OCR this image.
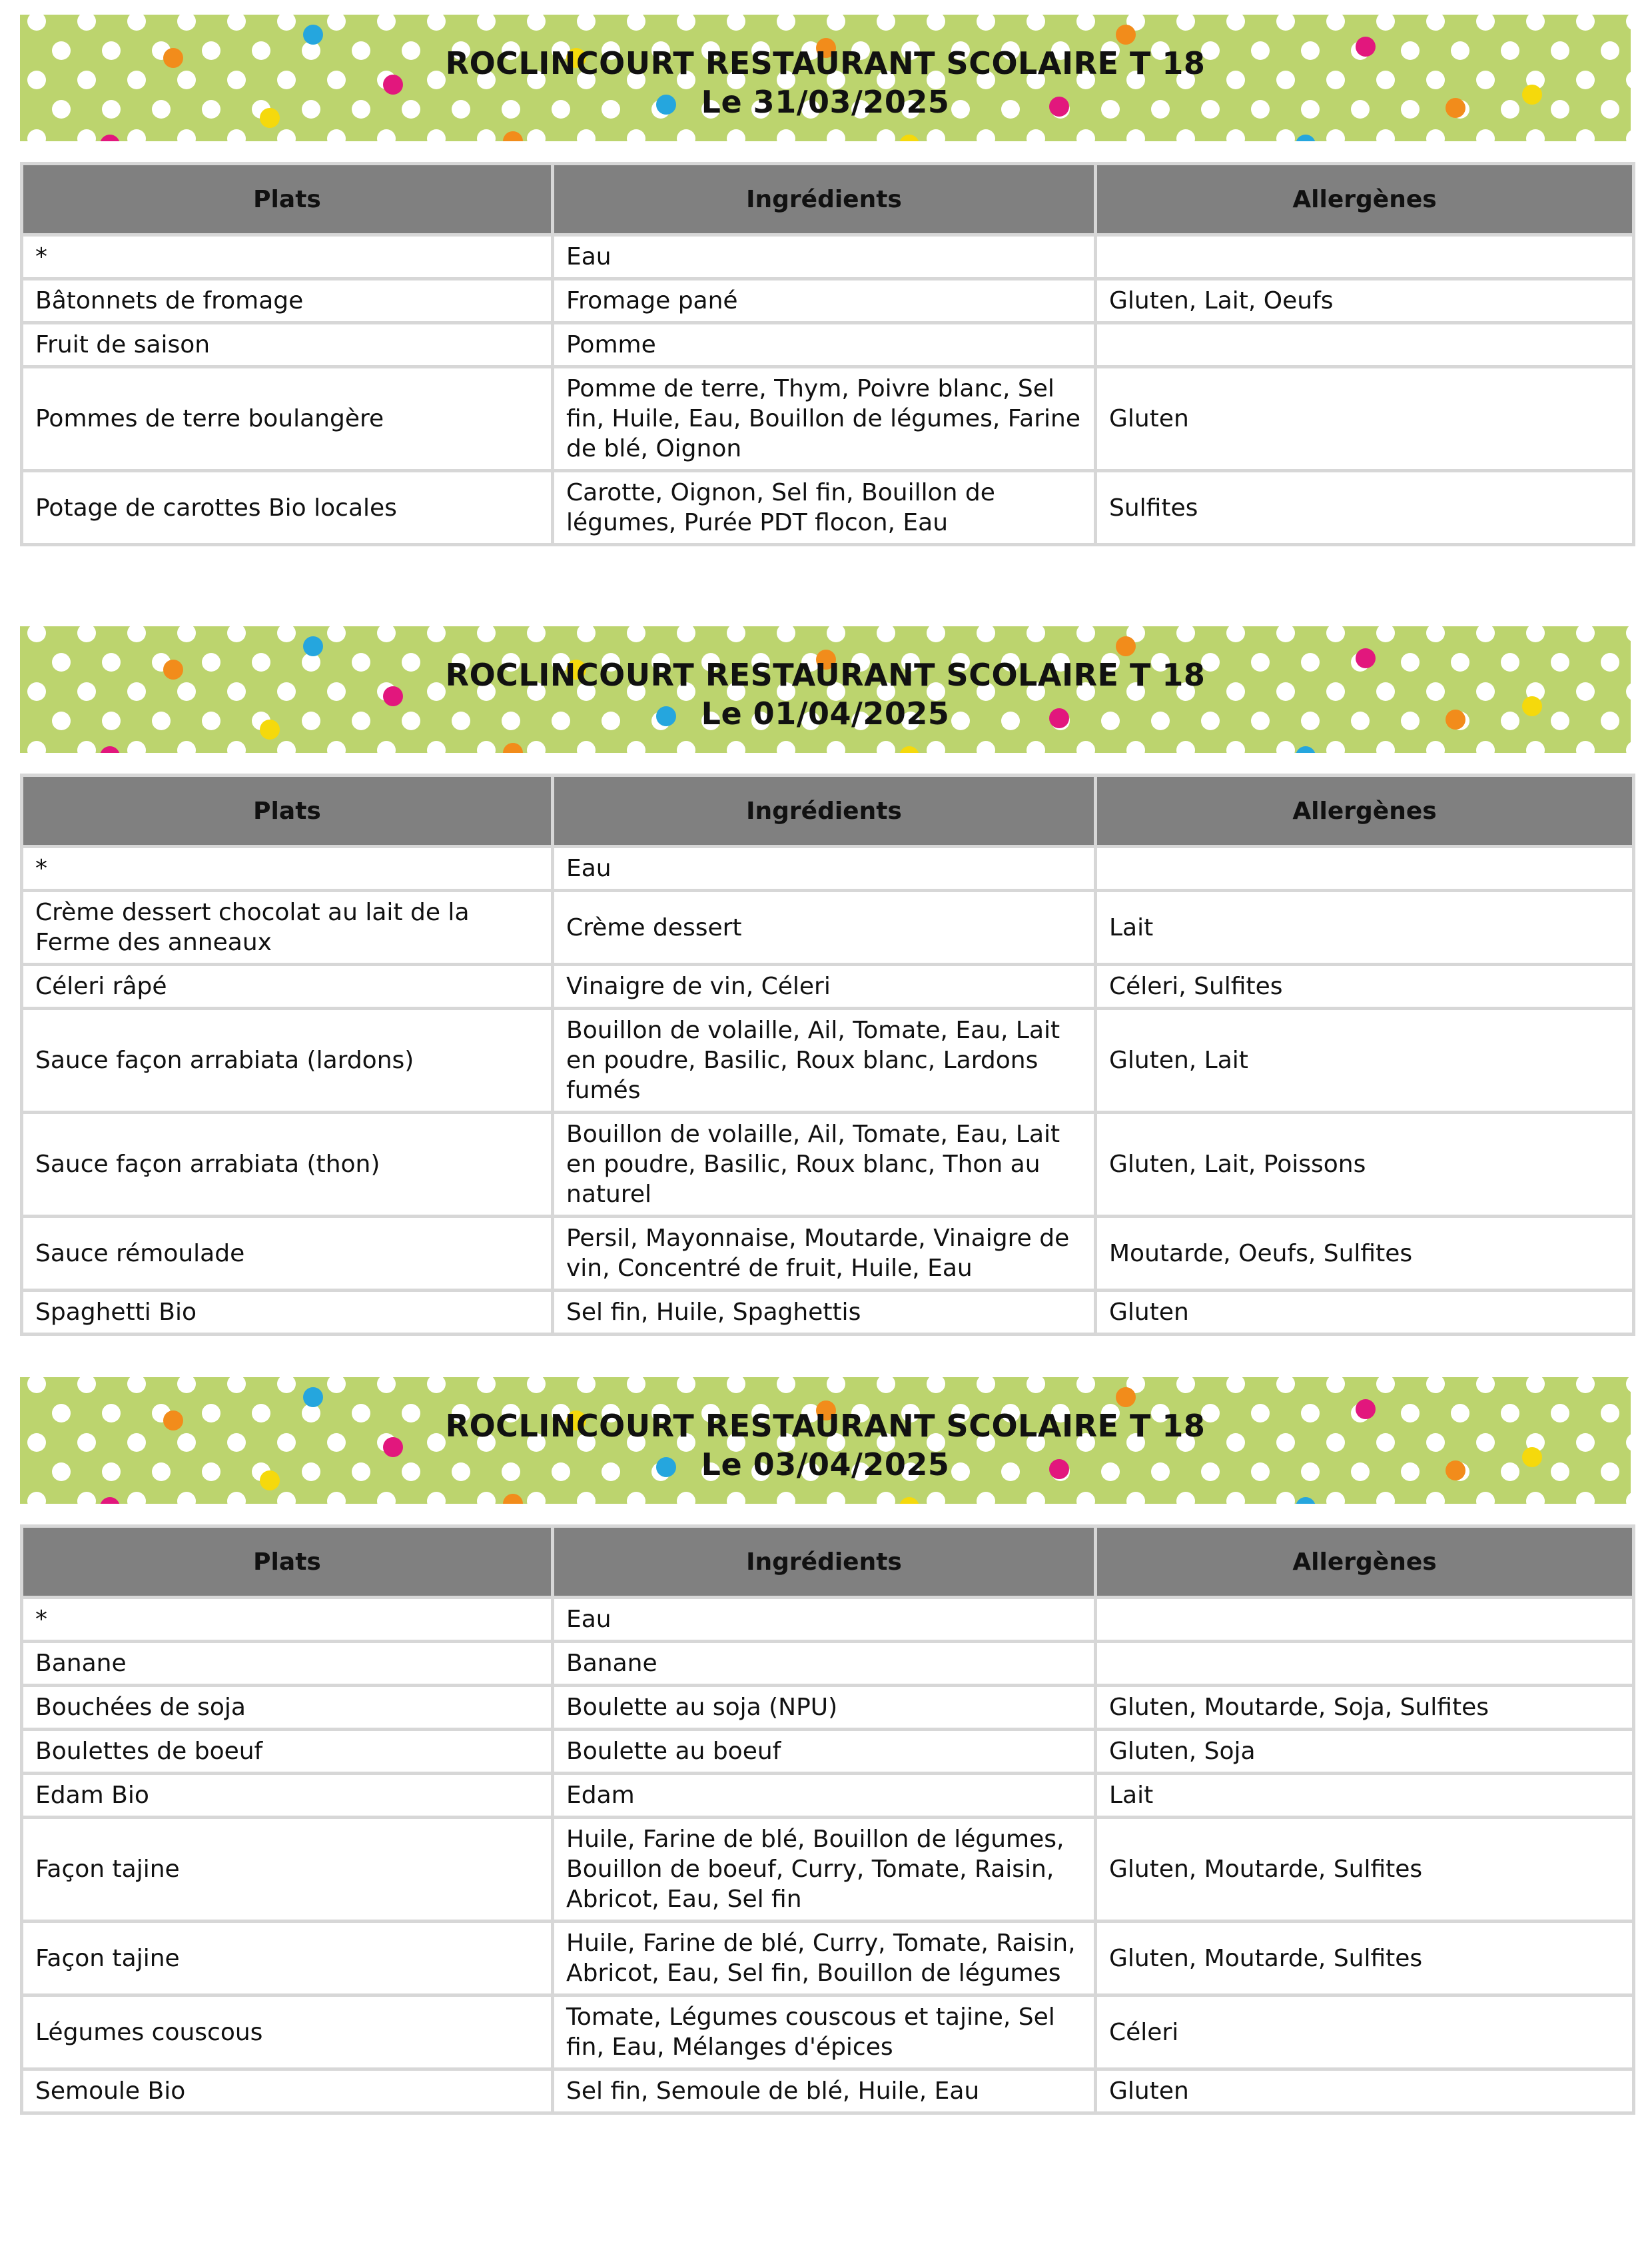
ROCLINCOURT RESTAURANT SCOLAIRE T 18
Le 31/03/2025
Plats	Ingrédients	Allergènes
*	Eau	
Bâtonnets de fromage	Fromage pané	Gluten, Lait, Oeufs
Fruit de saison	Pomme	
Pommes de terre boulangère	Pomme de terre, Thym, Poivre blanc, Sel fin, Huile, Eau, Bouillon de légumes, Farine de blé, Oignon	Gluten
Potage de carottes Bio locales	Carotte, Oignon, Sel fin, Bouillon de légumes, Purée PDT flocon, Eau	Sulfites
ROCLINCOURT RESTAURANT SCOLAIRE T 18
Le 01/04/2025
Plats	Ingrédients	Allergènes
*	Eau	
Crème dessert chocolat au lait de la Ferme des anneaux	Crème dessert	Lait
Céleri râpé	Vinaigre de vin, Céleri	Céleri, Sulfites
Sauce façon arrabiata (lardons)	Bouillon de volaille, Ail, Tomate, Eau, Lait en poudre, Basilic, Roux blanc, Lardons fumés	Gluten, Lait
Sauce façon arrabiata (thon)	Bouillon de volaille, Ail, Tomate, Eau, Lait en poudre, Basilic, Roux blanc, Thon au naturel	Gluten, Lait, Poissons
Sauce rémoulade	Persil, Mayonnaise, Moutarde, Vinaigre de vin, Concentré de fruit, Huile, Eau	Moutarde, Oeufs, Sulfites
Spaghetti Bio	Sel fin, Huile, Spaghettis	Gluten
ROCLINCOURT RESTAURANT SCOLAIRE T 18
Le 03/04/2025
Plats	Ingrédients	Allergènes
*	Eau	
Banane	Banane	
Bouchées de soja	Boulette au soja (NPU)	Gluten, Moutarde, Soja, Sulfites
Boulettes de boeuf	Boulette au boeuf	Gluten, Soja
Edam Bio	Edam	Lait
Façon tajine	Huile, Farine de blé, Bouillon de légumes, Bouillon de boeuf, Curry, Tomate, Raisin, Abricot, Eau, Sel fin	Gluten, Moutarde, Sulfites
Façon tajine	Huile, Farine de blé, Curry, Tomate, Raisin, Abricot, Eau, Sel fin, Bouillon de légumes	Gluten, Moutarde, Sulfites
Légumes couscous	Tomate, Légumes couscous et tajine, Sel fin, Eau, Mélanges d'épices	Céleri
Semoule Bio	Sel fin, Semoule de blé, Huile, Eau	Gluten
